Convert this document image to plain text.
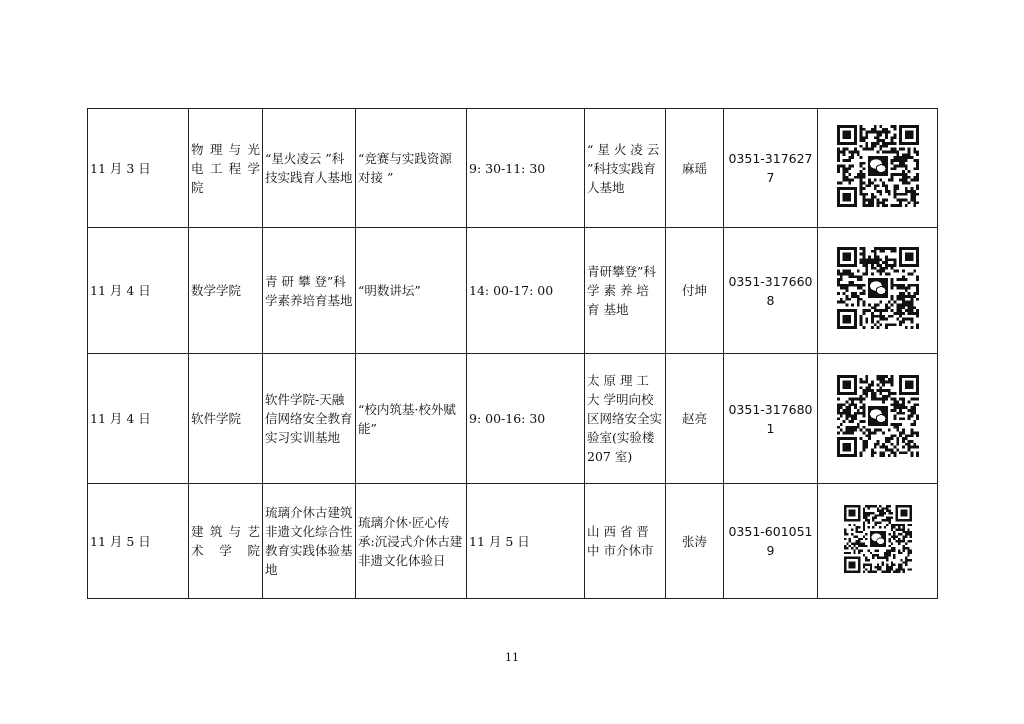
11 月 3 日	物 理 与 光 电 工 程 学 院	“星火凌云 ”科技实践育人基地	“竞赛与实践资源对接 ”	9: 30-11: 30	“ 星 火 凌 云 ”科技实践育人基地	麻瑶	0351-3176277	

11 月 4 日	数学学院	青 研 攀 登”科 学素养培育基地	“明数讲坛”	14: 00-17: 00	青研攀登”科 学 素 养 培 育 基地	付坤	0351-3176608	

11 月 4 日	软件学院	软件学院-天融信网络安全教育实习实训基地	“校内筑基·校外赋能”	9: 00-16: 30	太 原 理 工 大 学明向校区网络安全实验室(实验楼 207 室)	赵亮	0351-3176801	

11 月 5 日	建 筑 与 艺 术学院	琉璃介休古建筑非遗文化综合性教育实践体验基地	琉璃介休·匠心传承:沉浸式介休古建非遗文化体验日	11 月 5 日	山 西 省 晋 中 市介休市	张涛	0351-6010519	
11
